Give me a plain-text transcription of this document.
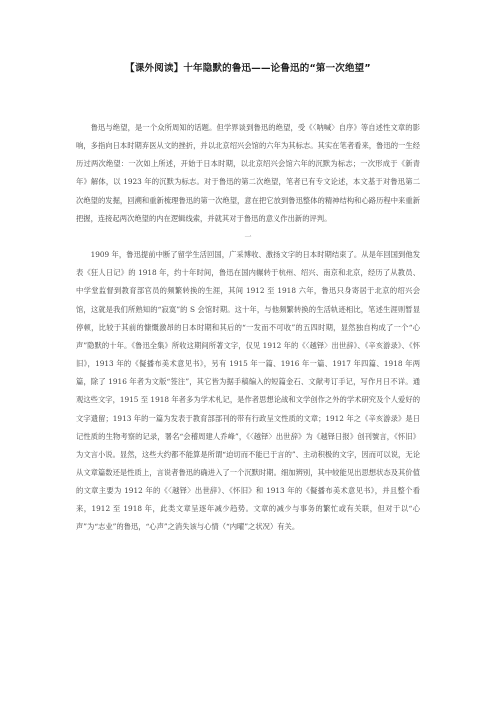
【课外阅读】十年隐默的鲁迅——论鲁迅的“第一次绝望”

鲁迅与绝望，是一个众所周知的话题。但学界谈到鲁迅的绝望，受《〈呐喊〉自序》等自述性文章的影响，多指向日本时期弃医从文的挫折，并以北京绍兴会馆的六年为其标志。其实在笔者看来，鲁迅的一生经历过两次绝望：一次如上所述，开始于日本时期，以北京绍兴会馆六年的沉默为标志；一次形成于《新青年》解体，以 1923 年的沉默为标志。对于鲁迅的第二次绝望，笔者已有专文论述，本文基于对鲁迅第二次绝望的发掘，回溯和重新梳理鲁迅的第一次绝望，意在把它放到鲁迅整体的精神结构和心路历程中来重新把握，连接起两次绝望的内在逻辑线索，并就其对于鲁迅的意义作出新的评判。

一

1909 年，鲁迅提前中断了留学生活回国，广采博收、激扬文字的日本时期结束了。从是年回国到他发表《狂人日记》的 1918 年，约十年时间，鲁迅在国内辗转于杭州、绍兴、南京和北京，经历了从教员、中学堂监督到教育部官员的频繁转换的生涯，其间 1912 至 1918 六年，鲁迅只身寄居于北京的绍兴会馆，这就是我们所熟知的“寂寞”的 S 会馆时期。这十年，与他频繁转换的生活轨迹相比，笔述生涯则暂显停顿，比较于其前的慷慨激昂的日本时期和其后的“一发而不可收”的五四时期，显然独自构成了一个“心声”隐默的十年。《鲁迅全集》所收这期间所著文字，仅见 1912 年的《〈越铎〉出世辞》、《辛亥游录》、《怀旧》，1913 年的《儗播布美术意见书》，另有 1915 年一篇、1916 年一篇、1917 年四篇、1918 年两篇，除了 1916 年者为文版“签注”，其它皆为据手稿编入的短篇金石、文献考订手记，写作月日不详。通观这些文字，1915 至 1918 年者多为学术札记，是作者思想论战和文学创作之外的学术研究及个人爱好的文字遗留；1913 年的一篇为发表于教育部部刊的带有行政呈文性质的文章；1912 年之《辛亥游录》是日记性质的生物考察的记录，署名“会稽周建人乔峰”，《〈越铎〉出世辞》为《越铎日报》创刊號言，《怀旧》为文言小说。显然，这些大约都不能算是所谓“迫切而不能已于言的”、主动积极的文字，因而可以说，无论从文章篇数还是性质上，言说者鲁迅的确进入了一个沉默时期。细加辨别，其中较能见出思想状态及其价值的文章主要为 1912 年的《〈越铎〉出世辞》、《怀旧》和 1913 年的《儗播布美术意见书》，并且整个看来，1912 至 1918 年，此类文章呈逐年减少趋势。文章的减少与事务的繁忙或有关联，但对于以“心声”为“志业”的鲁迅，“心声”之消失该与心情（“内曜”之状况）有关。
